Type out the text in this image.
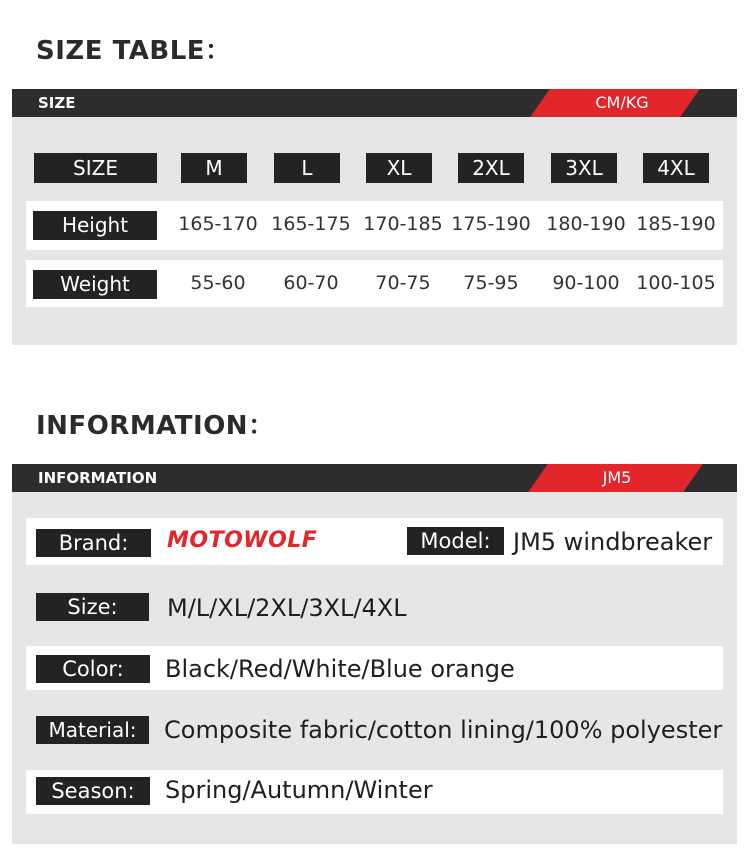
SIZE TABLE：
SIZE	CM/KG
SIZE	M	L	XL	2XL	3XL	4XL
Height	165-170 165-175 170-185 175-190 180-190 185-190
Weight	55-60	60-70	70-75	75-95	90-100 100-105
INFORMATION：
INFORMATION	JM5
Brand:	MOTOWOLF	Model: JM5 windbreaker
Size:	M/L/XL/2XL/3XL/4XL
Color:	Black/Red/White/Blue orange
Material:	Composite fabric/cotton lining/100% polyester
Season:	Spring/Autumn/Winter
